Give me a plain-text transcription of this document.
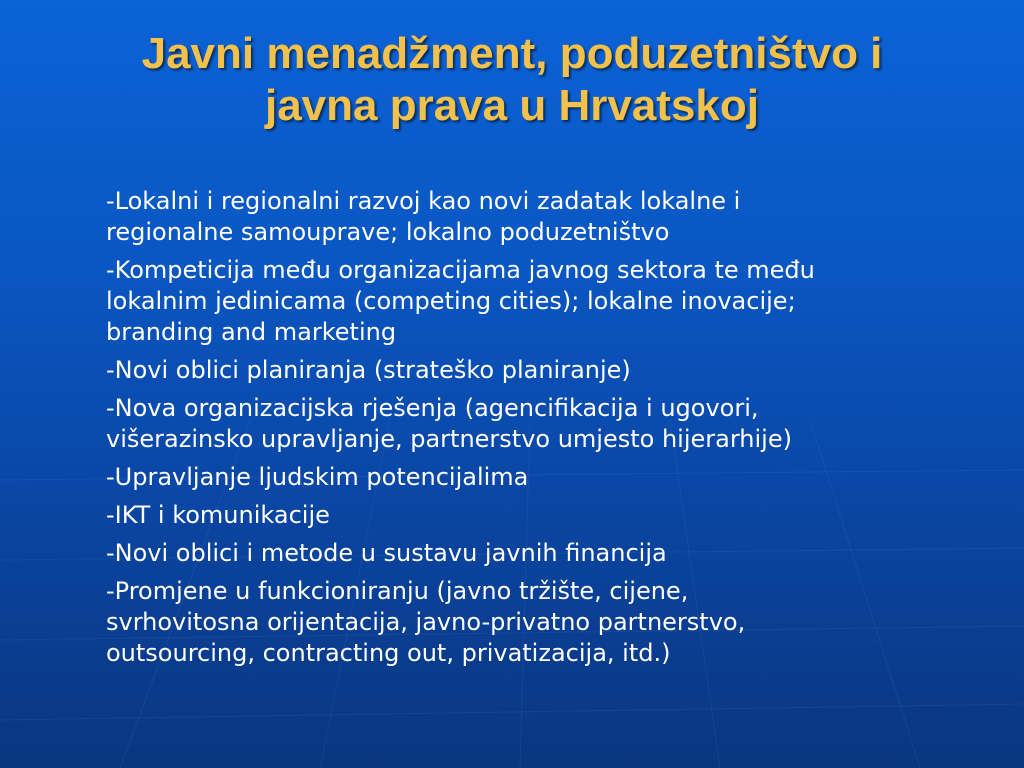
Javni menadžment, poduzetništvo i
javna prava u Hrvatskoj
-Lokalni i regionalni razvoj kao novi zadatak lokalne i
regionalne samouprave; lokalno poduzetništvo
-Kompeticija među organizacijama javnog sektora te među
lokalnim jedinicama (competing cities); lokalne inovacije;
branding and marketing
-Novi oblici planiranja (strateško planiranje)
-Nova organizacijska rješenja (agencifikacija i ugovori,
višerazinsko upravljanje, partnerstvo umjesto hijerarhije)
-Upravljanje ljudskim potencijalima
-IKT i komunikacije
-Novi oblici i metode u sustavu javnih financija
-Promjene u funkcioniranju (javno tržište, cijene,
svrhovitosna orijentacija, javno-privatno partnerstvo,
outsourcing, contracting out, privatizacija, itd.)
